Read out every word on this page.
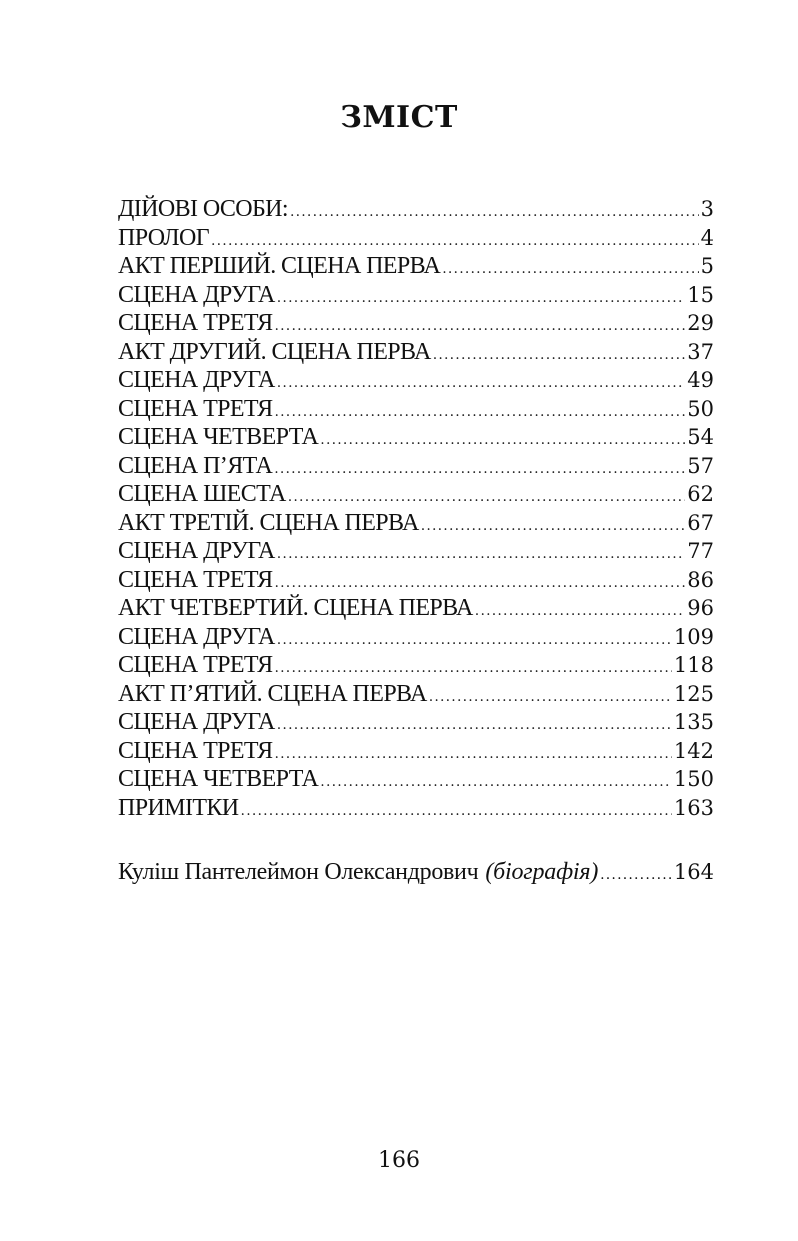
ЗМІСТ
ДІЙОВІ ОСОБИ: .....	3
ПРОЛОГ .....	4
АКТ ПЕРШИЙ. СЦЕНА ПЕРВА .....	5
СЦЕНА ДРУГА .....	15
СЦЕНА ТРЕТЯ .....	29
АКТ ДРУГИЙ. СЦЕНА ПЕРВА .....	37
СЦЕНА ДРУГА .....	49
СЦЕНА ТРЕТЯ .....	50
СЦЕНА ЧЕТВЕРТА .....	54
СЦЕНА П’ЯТА .....	57
СЦЕНА ШЕСТА .....	62
АКТ ТРЕТІЙ. СЦЕНА ПЕРВА .....	67
СЦЕНА ДРУГА .....	77
СЦЕНА ТРЕТЯ .....	86
АКТ ЧЕТВЕРТИЙ. СЦЕНА ПЕРВА .....	96
СЦЕНА ДРУГА .....	109
СЦЕНА ТРЕТЯ .....	118
АКТ П’ЯТИЙ. СЦЕНА ПЕРВА .....	125
СЦЕНА ДРУГА .....	135
СЦЕНА ТРЕТЯ .....	142
СЦЕНА ЧЕТВЕРТА .....	150
ПРИМІТКИ .....	163
Куліш Пантелеймон Олександрович (біографія) .....	164
166
